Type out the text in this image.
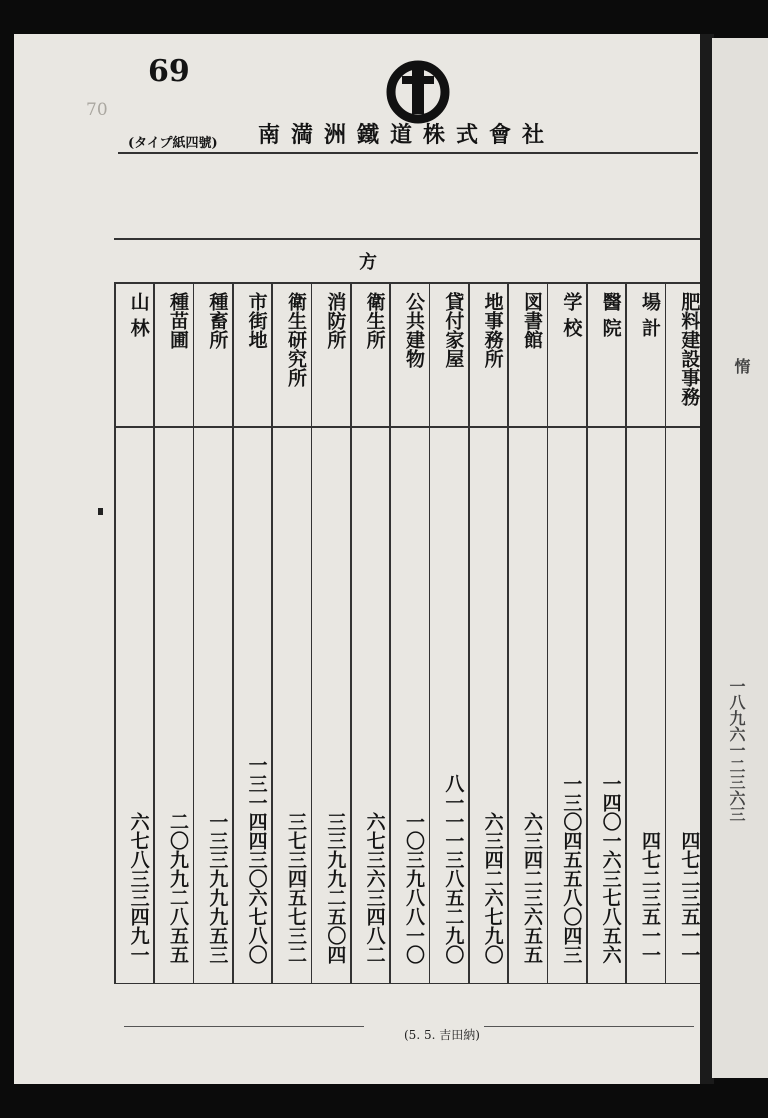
69
70
(タイプ紙四號) 南満洲鐵道株式會社
方
肥料建設事務
四七二三五一一
場 計
四七二三五一一
醫 院
一四〇一六三七八五六
学 校
一三〇四五五八〇四三
図書館
六三四二三六五五
地事務所
六三四二六七九〇
貸付家屋
八一一一三八五二九〇
公共建物
一〇三九八八一〇
衛生所
六七三六三四八二
消防所
三三九九二五〇四
衛生研究所
三七三四五七三二
市街地
一三一四四三〇六七八〇
種畜所
一三三九九九五三
種苗圃
二〇九九二八五五
山 林
六七八三三四九一
(5. 5. 吉田納)
惰
一八九六一二三六三
